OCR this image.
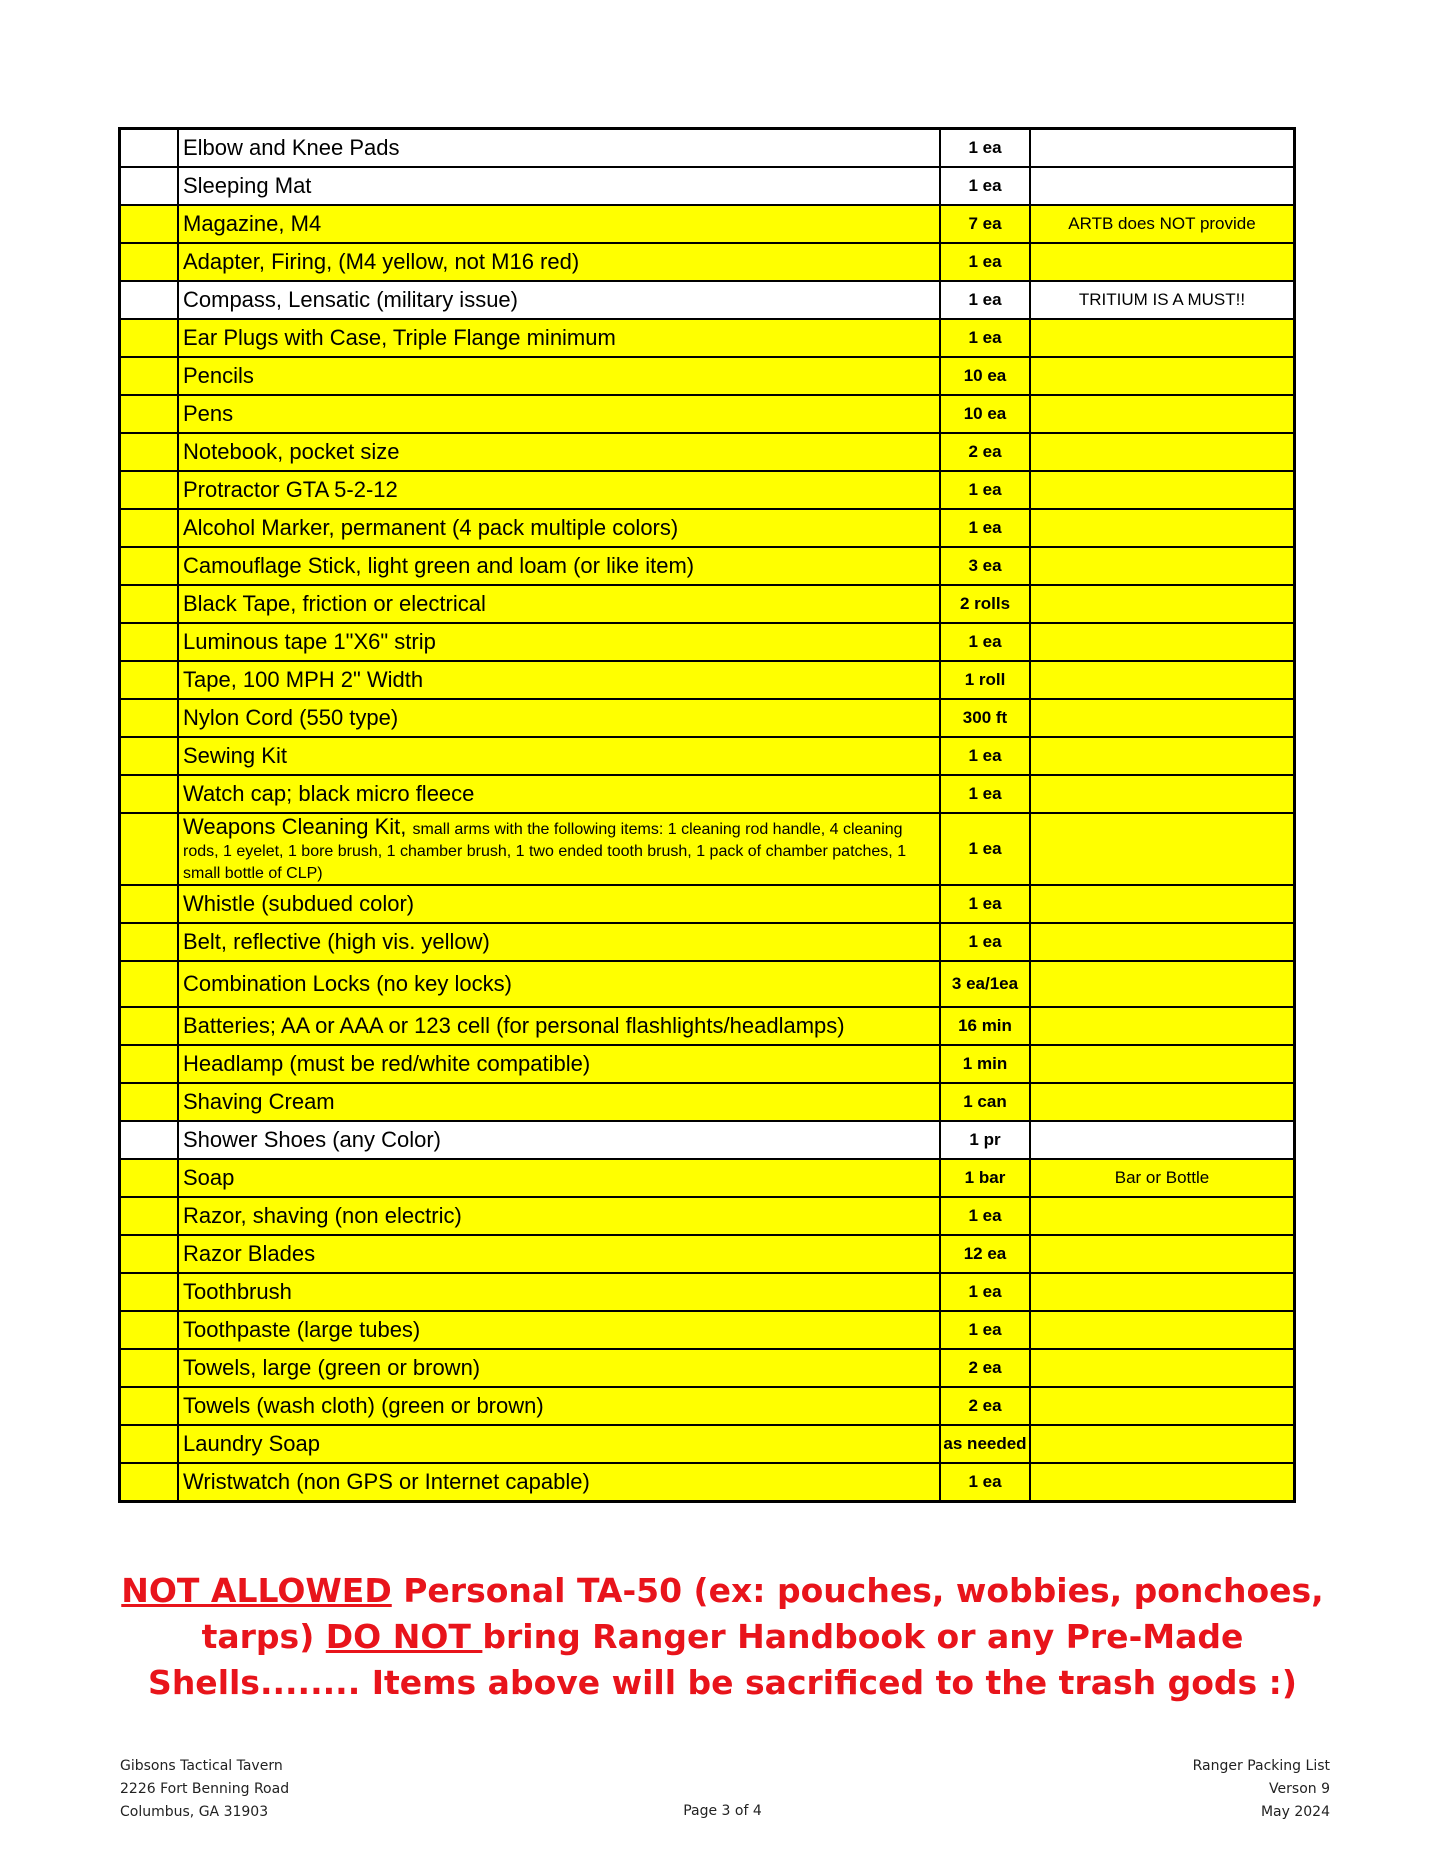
	Elbow and Knee Pads	1 ea	
	Sleeping Mat	1 ea	
	Magazine, M4	7 ea	ARTB does NOT provide
	Adapter, Firing, (M4 yellow, not M16 red)	1 ea	
	Compass, Lensatic (military issue)	1 ea	TRITIUM IS A MUST!!
	Ear Plugs with Case, Triple Flange minimum	1 ea	
	Pencils	10 ea	
	Pens	10 ea	
	Notebook, pocket size	2 ea	
	Protractor GTA 5-2-12	1 ea	
	Alcohol Marker, permanent (4 pack multiple colors)	1 ea	
	Camouflage Stick, light green and loam (or like item)	3 ea	
	Black Tape, friction or electrical	2 rolls	
	Luminous tape 1"X6" strip	1 ea	
	Tape, 100 MPH 2" Width	1 roll	
	Nylon Cord (550 type)	300 ft	
	Sewing Kit	1 ea	
	Watch cap; black micro fleece	1 ea	
	Weapons Cleaning Kit, small arms with the following items: 1 cleaning rod handle, 4 cleaning rods, 1 eyelet, 1 bore brush, 1 chamber brush, 1 two ended tooth brush, 1 pack of chamber patches, 1 small bottle of CLP)	1 ea	
	Whistle (subdued color)	1 ea	
	Belt, reflective (high vis. yellow)	1 ea	
	Combination Locks (no key locks)	3 ea/1ea	
	Batteries; AA or AAA or 123 cell (for personal flashlights/headlamps)	16 min	
	Headlamp (must be red/white compatible)	1 min	
	Shaving Cream	1 can	
	Shower Shoes (any Color)	1 pr	
	Soap	1 bar	Bar or Bottle
	Razor, shaving (non electric)	1 ea	
	Razor Blades	12 ea	
	Toothbrush	1 ea	
	Toothpaste (large tubes)	1 ea	
	Towels, large (green or brown)	2 ea	
	Towels (wash cloth) (green or brown)	2 ea	
	Laundry Soap	as needed	
	Wristwatch (non GPS or Internet capable)	1 ea	
NOT ALLOWED Personal TA-50 (ex: pouches, wobbies, ponchoes, tarps) DO NOT bring Ranger Handbook or any Pre-Made Shells........ Items above will be sacrificed to the trash gods :)
Gibsons Tactical Tavern
2226 Fort Benning Road
Columbus, GA 31903	Page 3 of 4
Ranger Packing List
Verson 9
May 2024
